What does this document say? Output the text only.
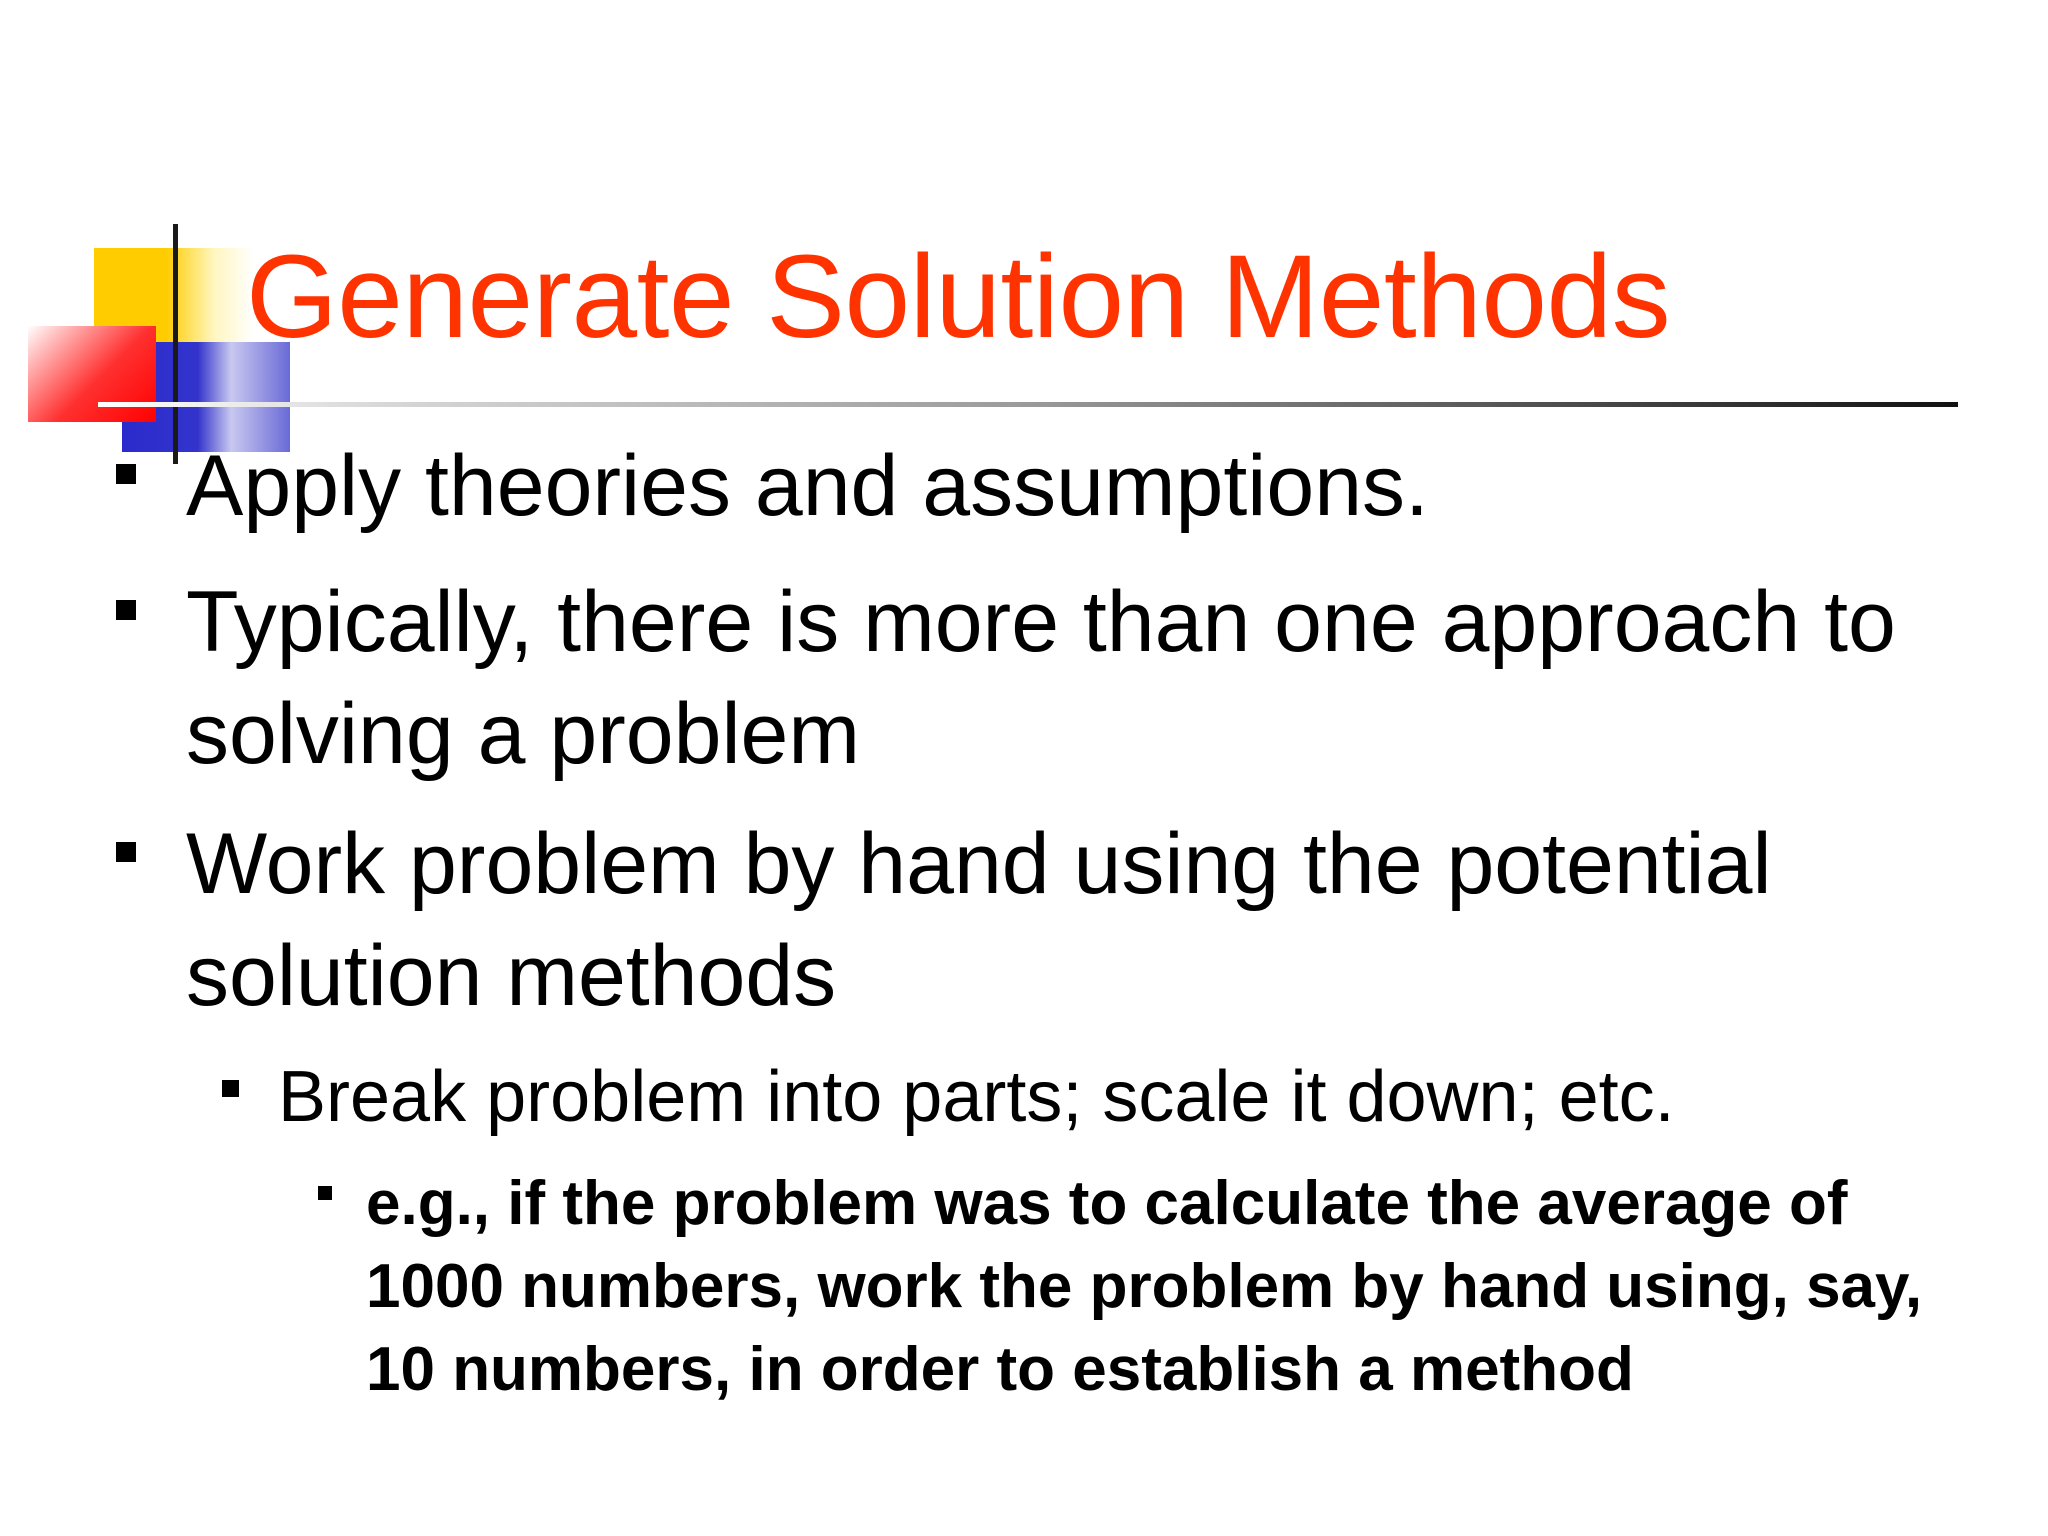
Generate Solution Methods
Apply theories and assumptions.
Typically, there is more than one approach to solving a problem
Work problem by hand using the potential solution methods
Break problem into parts; scale it down; etc.
e.g., if the problem was to calculate the average of 1000 numbers, work the problem by hand using, say, 10 numbers, in order to establish a method
